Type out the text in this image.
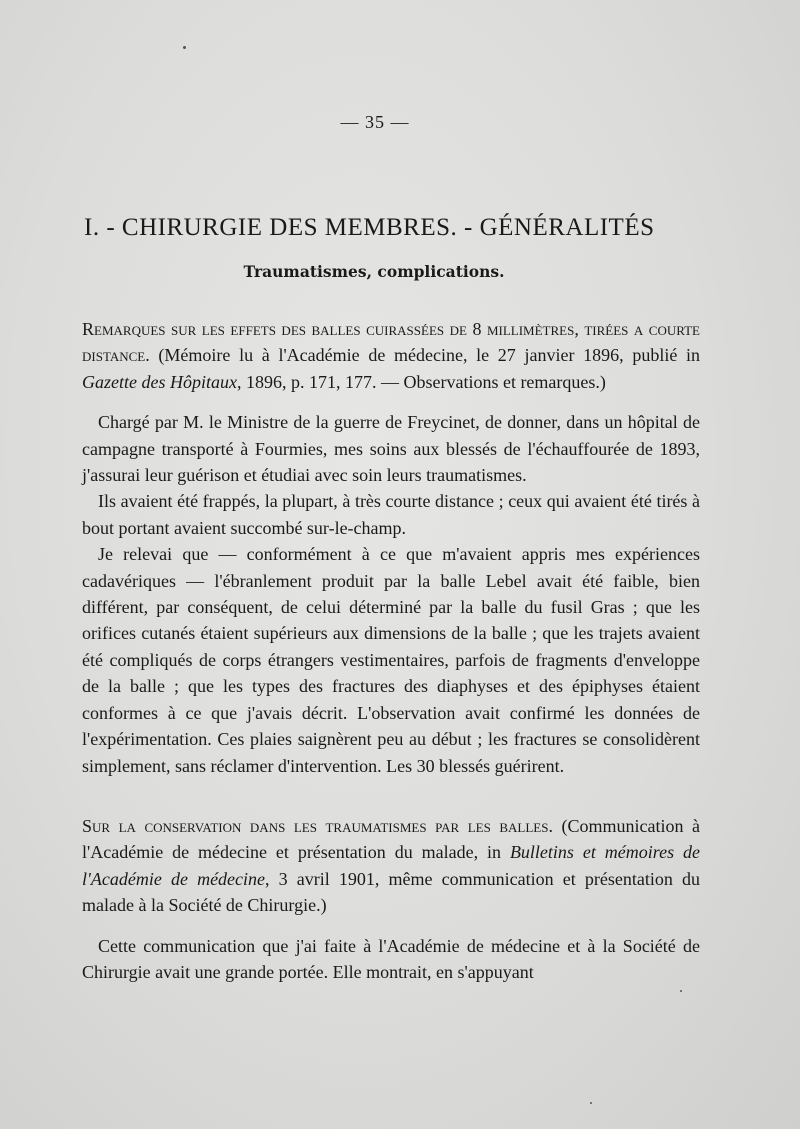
— 35 —
I. - CHIRURGIE DES MEMBRES. - GÉNÉRALITÉS
Traumatismes, complications.

Remarques sur les effets des balles cuirassées de 8 millimètres, tirées a courte distance. (Mémoire lu à l'Académie de médecine, le 27 janvier 1896, publié in Gazette des Hôpitaux, 1896, p. 171, 177. — Observations et remarques.)

Chargé par M. le Ministre de la guerre de Freycinet, de donner, dans un hôpital de campagne transporté à Fourmies, mes soins aux blessés de l'échauffourée de 1893, j'assurai leur guérison et étudiai avec soin leurs traumatismes.

Ils avaient été frappés, la plupart, à très courte distance ; ceux qui avaient été tirés à bout portant avaient succombé sur-le-champ.

Je relevai que — conformément à ce que m'avaient appris mes expériences cadavériques — l'ébranlement produit par la balle Lebel avait été faible, bien différent, par conséquent, de celui déterminé par la balle du fusil Gras ; que les orifices cutanés étaient supérieurs aux dimensions de la balle ; que les trajets avaient été compliqués de corps étrangers vestimentaires, parfois de fragments d'enveloppe de la balle ; que les types des fractures des diaphyses et des épiphyses étaient conformes à ce que j'avais décrit. L'observation avait confirmé les données de l'expérimentation. Ces plaies saignèrent peu au début ; les fractures se consolidèrent simplement, sans réclamer d'intervention. Les 30 blessés guérirent.

Sur la conservation dans les traumatismes par les balles. (Communication à l'Académie de médecine et présentation du malade, in Bulletins et mémoires de l'Académie de médecine, 3 avril 1901, même communication et présentation du malade à la Société de Chirurgie.)

Cette communication que j'ai faite à l'Académie de médecine et à la Société de Chirurgie avait une grande portée. Elle montrait, en s'appuyant
